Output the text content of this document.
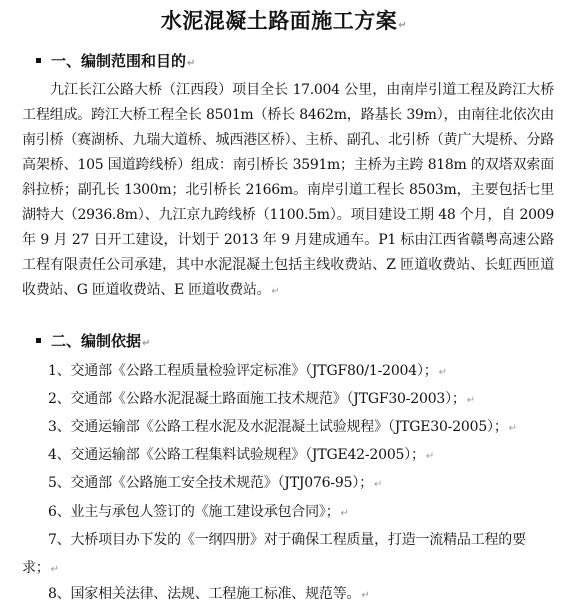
水泥混凝土路面施工方案↵
一、编制范围和目的↵
九江长江公路大桥（江西段）项目全长 17.004 公里，由南岸引道工程及跨江大桥工程组成。跨江大桥工程全长 8501m（桥长 8462m，路基长 39m），由南往北依次由南引桥（赛湖桥、九瑞大道桥、城西港区桥）、主桥、副孔、北引桥（黄广大堤桥、分路高架桥、105 国道跨线桥）组成：南引桥长 3591m；主桥为主跨 818m 的双塔双索面斜拉桥；副孔长 1300m；北引桥长 2166m。南岸引道工程长 8503m，主要包括七里湖特大（2936.8m）、九江京九跨线桥（1100.5m）。项目建设工期 48 个月，自 2009 年 9 月 27 日开工建设，计划于 2013 年 9 月建成通车。P1 标由江西省赣粤高速公路工程有限责任公司承建，其中水泥混凝土包括主线收费站、Z 匝道收费站、长虹西匝道收费站、G 匝道收费站、E 匝道收费站。↵
二、编制依据↵
1、交通部《公路工程质量检验评定标准》（JTGF80/1-2004）；↵
2、交通部《公路水泥混凝土路面施工技术规范》（JTGF30-2003）；↵
3、交通运输部《公路工程水泥及水泥混凝土试验规程》（JTGE30-2005）；↵
4、交通运输部《公路工程集料试验规程》（JTGE42-2005）；↵
5、交通部《公路施工安全技术规范》（JTJ076-95）；↵
6、业主与承包人签订的《施工建设承包合同》；↵
7、大桥项目办下发的《一纲四册》对于确保工程质量，打造一流精品工程的要求；↵
8、国家相关法律、法规、工程施工标准、规范等。↵
